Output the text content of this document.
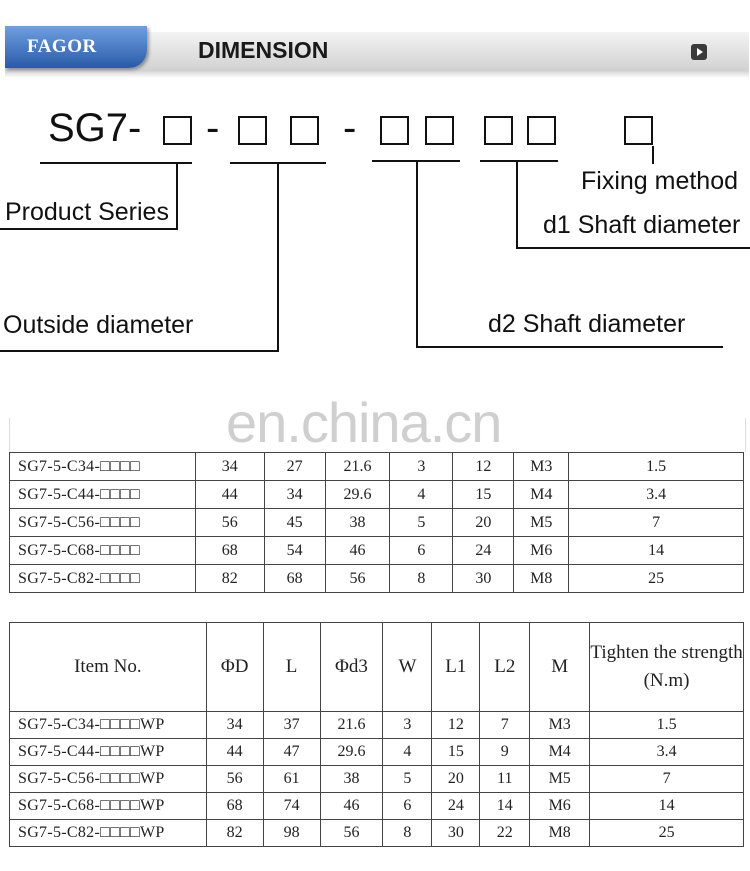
FAGOR	DIMENSION
SG7- -	-
Product Series
Outside diameter	d2 Shaft diameter
d1 Shaft diameter
Fixing method
en.china.cn
SG7-5-C34-□□□□	34	27	21.6	3	12	M3	1.5
SG7-5-C44-□□□□	44	34	29.6	4	15	M4	3.4
SG7-5-C56-□□□□	56	45	38	5	20	M5	7
SG7-5-C68-□□□□	68	54	46	6	24	M6	14
SG7-5-C82-□□□□	82	68	56	8	30	M8	25
Item No.	ΦD	L	Φd3	W	L1	L2	M	Tighten the strength (N.m)
SG7-5-C34-□□□□WP	34	37	21.6	3	12	7	M3	1.5
SG7-5-C44-□□□□WP	44	47	29.6	4	15	9	M4	3.4
SG7-5-C56-□□□□WP	56	61	38	5	20	11	M5	7
SG7-5-C68-□□□□WP	68	74	46	6	24	14	M6	14
SG7-5-C82-□□□□WP	82	98	56	8	30	22	M8	25
